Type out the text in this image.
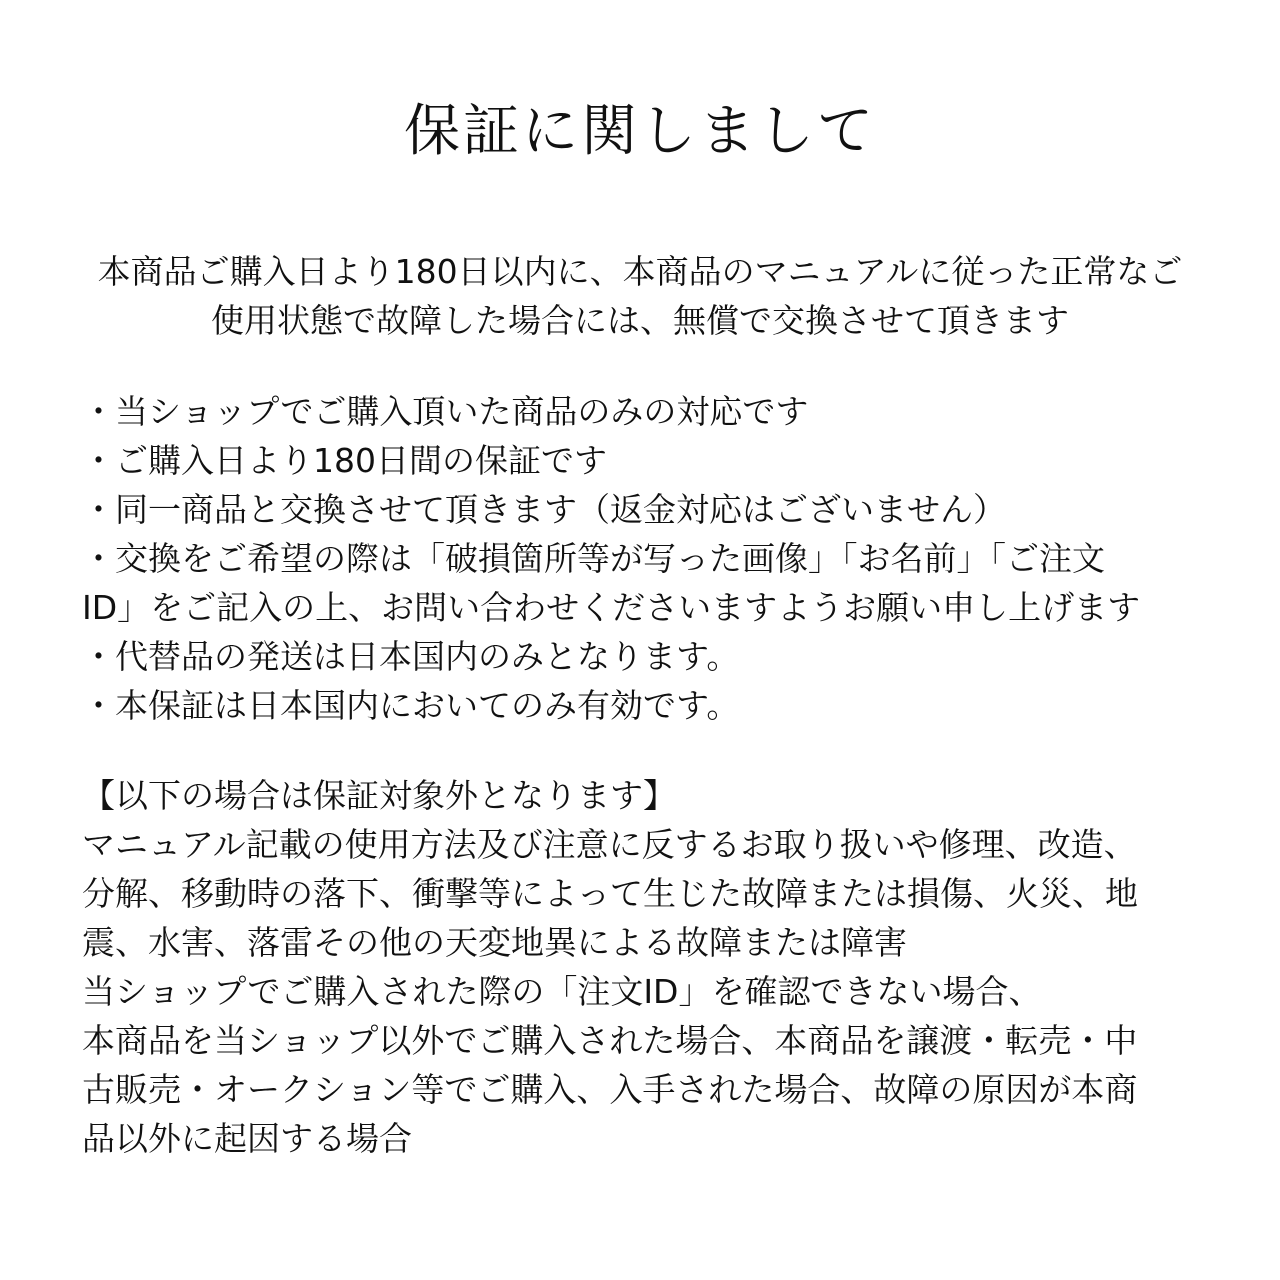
保証に関しまして
本商品ご購入日より180日以内に、本商品のマニュアルに従った正常なご
使用状態で故障した場合には、無償で交換させて頂きます
・当ショップでご購入頂いた商品のみの対応です
・ご購入日より180日間の保証です
・同一商品と交換させて頂きます（返金対応はございません）
・交換をご希望の際は「破損箇所等が写った画像」「お名前」「ご注文
ID」をご記入の上、お問い合わせくださいますようお願い申し上げます
・代替品の発送は日本国内のみとなります。
・本保証は日本国内においてのみ有効です。
【以下の場合は保証対象外となります】
マニュアル記載の使用方法及び注意に反するお取り扱いや修理、改造、
分解、移動時の落下、衝撃等によって生じた故障または損傷、火災、地
震、水害、落雷その他の天変地異による故障または障害
当ショップでご購入された際の「注文ID」を確認できない場合、
本商品を当ショップ以外でご購入された場合、本商品を譲渡・転売・中
古販売・オークション等でご購入、入手された場合、故障の原因が本商
品以外に起因する場合
